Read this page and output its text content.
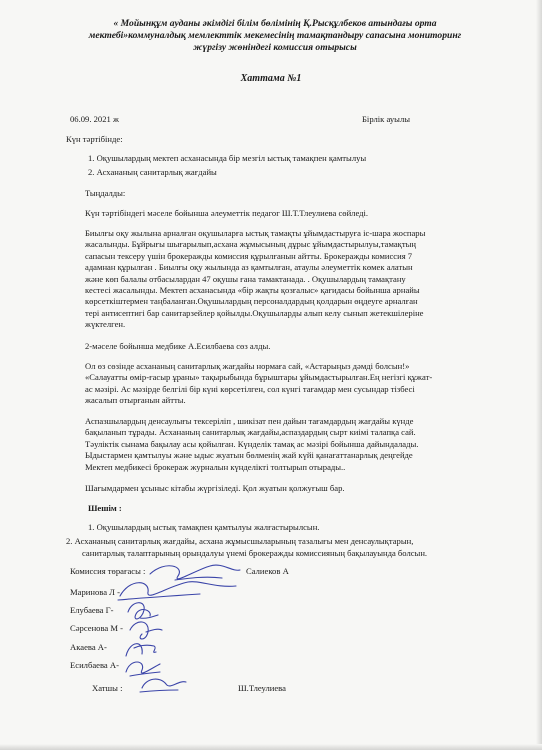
« Мойынқұм ауданы әкімдігі білім бөлімінің Қ.Рысқұлбеков атындағы орта
мектебі»коммуналдық мемлекттік мекемесінің тамақтандыру сапасына мониторинг
жүргізу жөніндегі комиссия отырысы
Хаттама №1
06.09. 2021 ж	Бірлік ауылы
Күн тәртібінде:
1. Оқушылардың мектеп асханасында бір мезгіл ыстық тамақпен қамтылуы
2. Асхананың санитарлық жағдайы
Тыңдалды:
Күн тәртібіндегі мәселе бойынша әлеуметтік педагог Ш.Т.Тлеулиева сөйледі.
Биылғы оқу жылына арналған оқушыларға ыстық тамақты ұйымдастыруға іс-шара жоспары
жасалынды. Бұйрығы шығарылып,асхана жұмысының дұрыс ұйымдастырылуы,тамақтың
сапасын тексеру үшін брокеражды комиссия құрылғанын айтты. Брокеражды комиссия 7
адамнан құрылған . Биылғы оқу жылында аз қамтылған, атаулы әлеуметтік көмек алатын
және көп балалы отбасылардан 47 оқушы ғана тамактанада. . Оқушылардың тамақтану
кестесі жасалынды. Мектеп асханасында «бір жақты қозғалыс» қағидасы бойынша арнайы
көрсеткіштермен таңбаланған.Оқушылардың персоналдардың қолдарын өңдеуге арналған
тері антисептигі бар санитарзейлер қойылды.Оқушыларды алып келу сынып жетекшілеріне
жүктелген.
2-мәселе бойынша медбике А.Есилбаева сөз алды.
Ол өз сөзінде асхананың санитарлық жағдайы нормаға сай, «Астарыңыз дәмді болсын!»
«Салауатты өмір-ғасыр ұраны» тақырыбында бұрыштары ұйымдастырылған.Ең негізгі құжат-
ас мәзірі. Ас мәзірде белгілі бір күні көрсетілген, сол күнгі тағамдар мен сусындар тізбесі
жасалып отырғанын айтты.
Аспазшылардың денсаулығы тексеріліп , шикізат пен дайын тағамдардың жағдайы күнде
бақыланып тұрады. Асхананың санитарлық жағдайы,аспаздардың сырт киімі талапқа сай.
Тәуліктік сынама бақылау асы қойылған. Күнделік тамақ ас мәзірі бойынша дайындалады.
Ыдыстармен қамтылуы және ыдыс жуатын бөлменің жай күйі қанағаттанарлық деңгейде
Мектеп медбикесі брокераж журналын күнделікті толтырып отырады..
Шағымдармен ұсыныс кітабы жүргізіледі. Қол жуатын қолжуғыш бар.
Шешім :
1. Оқушылардың ыстық тамақпен қамтылуы жалғастырылсын.
2. Асхананың санитарлық жағдайы, асхана жұмысшыларының тазалығы мен денсаулықтарын,
санитарлық талаптарының орындалуы үнемі брокеражды комиссияның бақылауында болсын.
Комиссия төрағасы :	Салиеков А
Маринова Л -
Елубаева Г-
Сәрсенова М -
Акаева А-
Есилбаева А-
Хатшы :	Ш.Тлеулиева
